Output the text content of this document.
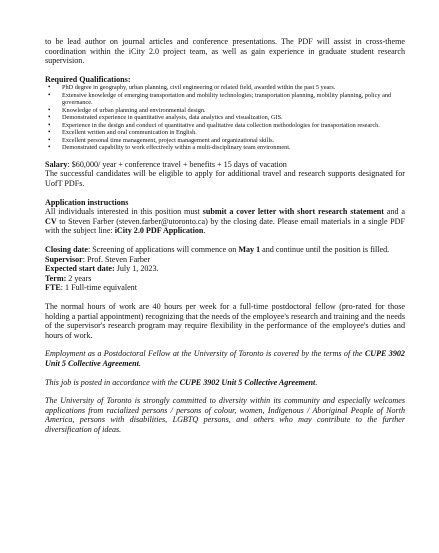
to be lead author on journal articles and conference presentations. The PDF will assist in cross-theme coordination within the iCity 2.0 project team, as well as gain experience in graduate student research supervision.

Required Qualifications:
• PhD degree in geography, urban planning, civil engineering or related field, awarded within the past 5 years.
• Extensive knowledge of emerging transportation and mobility technologies; transportation planning, mobility planning, policy and governance.
• Knowledge of urban planning and environmental design.
• Demonstrated experience in quantitative analysis, data analytics and visualization, GIS.
• Experience in the design and conduct of quantitative and qualitative data collection methodologies for transportation research.
• Excellent written and oral communication in English.
• Excellent personal time management, project management and organizational skills.
• Demonstrated capability to work effectively within a multi-disciplinary team environment.
Salary: $60,000/ year + conference travel + benefits + 15 days of vacation
The successful candidates will be eligible to apply for additional travel and research supports designated for UofT PDFs.
Application instructions
All individuals interested in this position must submit a cover letter with short research statement and a CV to Steven Farber (steven.farber@utoronto.ca) by the closing date. Please email materials in a single PDF with the subject line: iCity 2.0 PDF Application.
Closing date: Screening of applications will commence on May 1 and continue until the position is filled.
Supervisor: Prof. Steven Farber
Expected start date: July 1, 2023.
Term: 2 years
FTE: 1 Full-time equivalent

The normal hours of work are 40 hours per week for a full-time postdoctoral fellow (pro-rated for those holding a partial appointment) recognizing that the needs of the employee's research and training and the needs of the supervisor's research program may require flexibility in the performance of the employee's duties and hours of work.

Employment as a Postdoctoral Fellow at the University of Toronto is covered by the terms of the CUPE 3902 Unit 5 Collective Agreement.

This job is posted in accordance with the CUPE 3902 Unit 5 Collective Agreement.

The University of Toronto is strongly committed to diversity within its community and especially welcomes applications from racialized persons / persons of colour, women, Indigenous / Aboriginal People of North America, persons with disabilities, LGBTQ persons, and others who may contribute to the further diversification of ideas.
